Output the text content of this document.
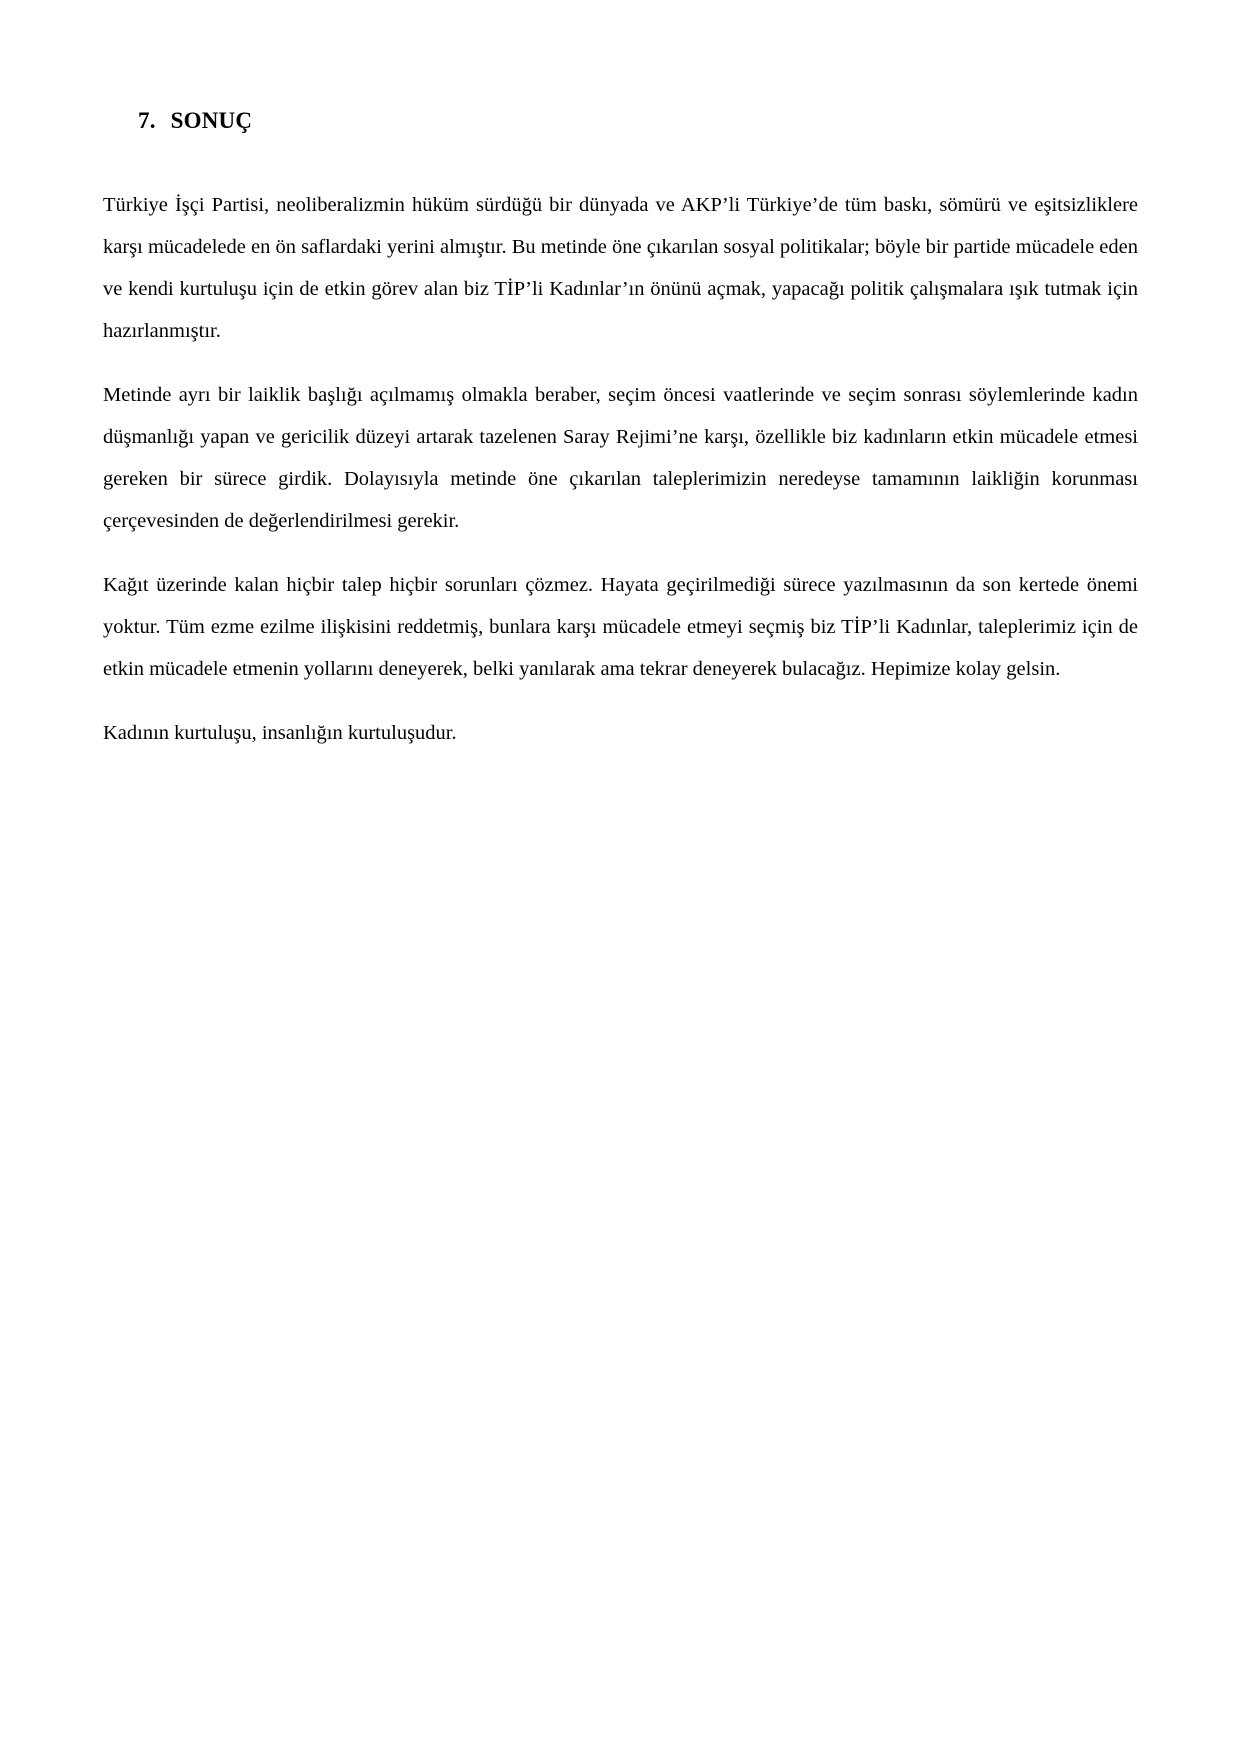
7. SONUÇ

Türkiye İşçi Partisi, neoliberalizmin hüküm sürdüğü bir dünyada ve AKP’li Türkiye’de tüm baskı, sömürü ve eşitsizliklere karşı mücadelede en ön saflardaki yerini almıştır. Bu metinde öne çıkarılan sosyal politikalar; böyle bir partide mücadele eden ve kendi kurtuluşu için de etkin görev alan biz TİP’li Kadınlar’ın önünü açmak, yapacağı politik çalışmalara ışık tutmak için hazırlanmıştır.

Metinde ayrı bir laiklik başlığı açılmamış olmakla beraber, seçim öncesi vaatlerinde ve seçim sonrası söylemlerinde kadın düşmanlığı yapan ve gericilik düzeyi artarak tazelenen Saray Rejimi’ne karşı, özellikle biz kadınların etkin mücadele etmesi gereken bir sürece girdik. Dolayısıyla metinde öne çıkarılan taleplerimizin neredeyse tamamının laikliğin korunması çerçevesinden de değerlendirilmesi gerekir.

Kağıt üzerinde kalan hiçbir talep hiçbir sorunları çözmez. Hayata geçirilmediği sürece yazılmasının da son kertede önemi yoktur. Tüm ezme ezilme ilişkisini reddetmiş, bunlara karşı mücadele etmeyi seçmiş biz TİP’li Kadınlar, taleplerimiz için de etkin mücadele etmenin yollarını deneyerek, belki yanılarak ama tekrar deneyerek bulacağız. Hepimize kolay gelsin.

Kadının kurtuluşu, insanlığın kurtuluşudur.
